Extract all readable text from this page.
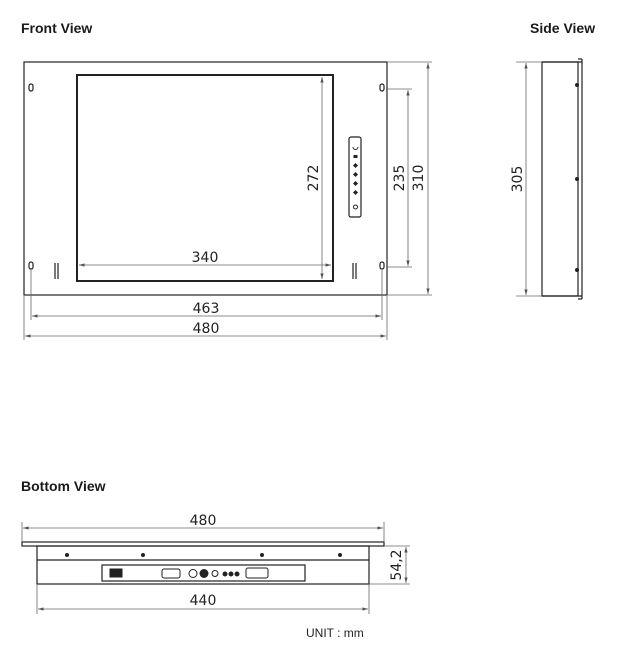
Front View	Side View
Bottom View
272
340
235 310
463
480
305
480
440
54,2
UNIT : mm
